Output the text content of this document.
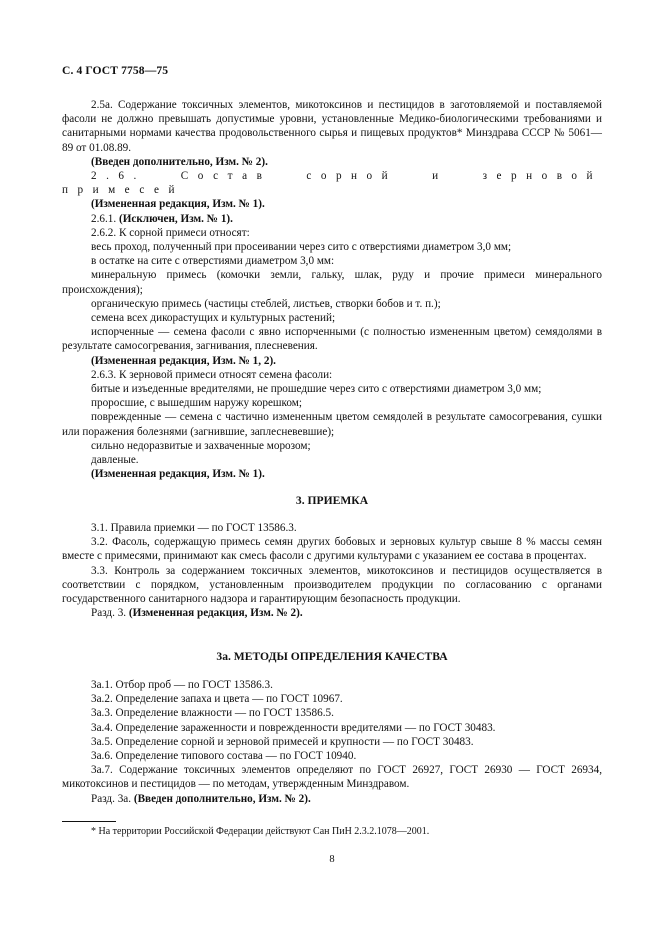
С. 4 ГОСТ 7758—75

2.5а. Содержание токсичных элементов, микотоксинов и пестицидов в заготовляемой и поставляемой фасоли не должно превышать допустимые уровни, установленные Медико-биологическими требованиями и санитарными нормами качества продовольственного сырья и пищевых продуктов* Минздрава СССР № 5061—89 от 01.08.89.

(Введен дополнительно, Изм. № 2).

2.6. Состав сорной и зерновой примесей

(Измененная редакция, Изм. № 1).

2.6.1. (Исключен, Изм. № 1).

2.6.2. К сорной примеси относят:

весь проход, полученный при просеивании через сито с отверстиями диаметром 3,0 мм;

в остатке на сите с отверстиями диаметром 3,0 мм:

минеральную примесь (комочки земли, гальку, шлак, руду и прочие примеси минерального происхождения);

органическую примесь (частицы стеблей, листьев, створки бобов и т. п.);

семена всех дикорастущих и культурных растений;

испорченные — семена фасоли с явно испорченными (с полностью измененным цветом) семядолями в результате самосогревания, загнивания, плесневения.

(Измененная редакция, Изм. № 1, 2).

2.6.3. К зерновой примеси относят семена фасоли:

битые и изъеденные вредителями, не прошедшие через сито с отверстиями диаметром 3,0 мм;

проросшие, с вышедшим наружу корешком;

поврежденные — семена с частично измененным цветом семядолей в результате самосогревания, сушки или поражения болезнями (загнившие, заплесневевшие);

сильно недоразвитые и захваченные морозом;

давленые.

(Измененная редакция, Изм. № 1).

3. ПРИЕМКА

3.1. Правила приемки — по ГОСТ 13586.3.

3.2. Фасоль, содержащую примесь семян других бобовых и зерновых культур свыше 8 % массы семян вместе с примесями, принимают как смесь фасоли с другими культурами с указанием ее состава в процентах.

3.3. Контроль за содержанием токсичных элементов, микотоксинов и пестицидов осуществляется в соответствии с порядком, установленным производителем продукции по согласованию с органами государственного санитарного надзора и гарантирующим безопасность продукции.

Разд. 3. (Измененная редакция, Изм. № 2).

3а. МЕТОДЫ ОПРЕДЕЛЕНИЯ КАЧЕСТВА

3а.1. Отбор проб — по ГОСТ 13586.3.

3а.2. Определение запаха и цвета — по ГОСТ 10967.

3а.3. Определение влажности — по ГОСТ 13586.5.

3а.4. Определение зараженности и поврежденности вредителями — по ГОСТ 30483.

3а.5. Определение сорной и зерновой примесей и крупности — по ГОСТ 30483.

3а.6. Определение типового состава — по ГОСТ 10940.

3а.7. Содержание токсичных элементов определяют по ГОСТ 26927, ГОСТ 26930 — ГОСТ 26934, микотоксинов и пестицидов — по методам, утвержденным Минздравом.

Разд. 3а. (Введен дополнительно, Изм. № 2).

* На территории Российской Федерации действуют Сан ПиН 2.3.2.1078—2001.
8
